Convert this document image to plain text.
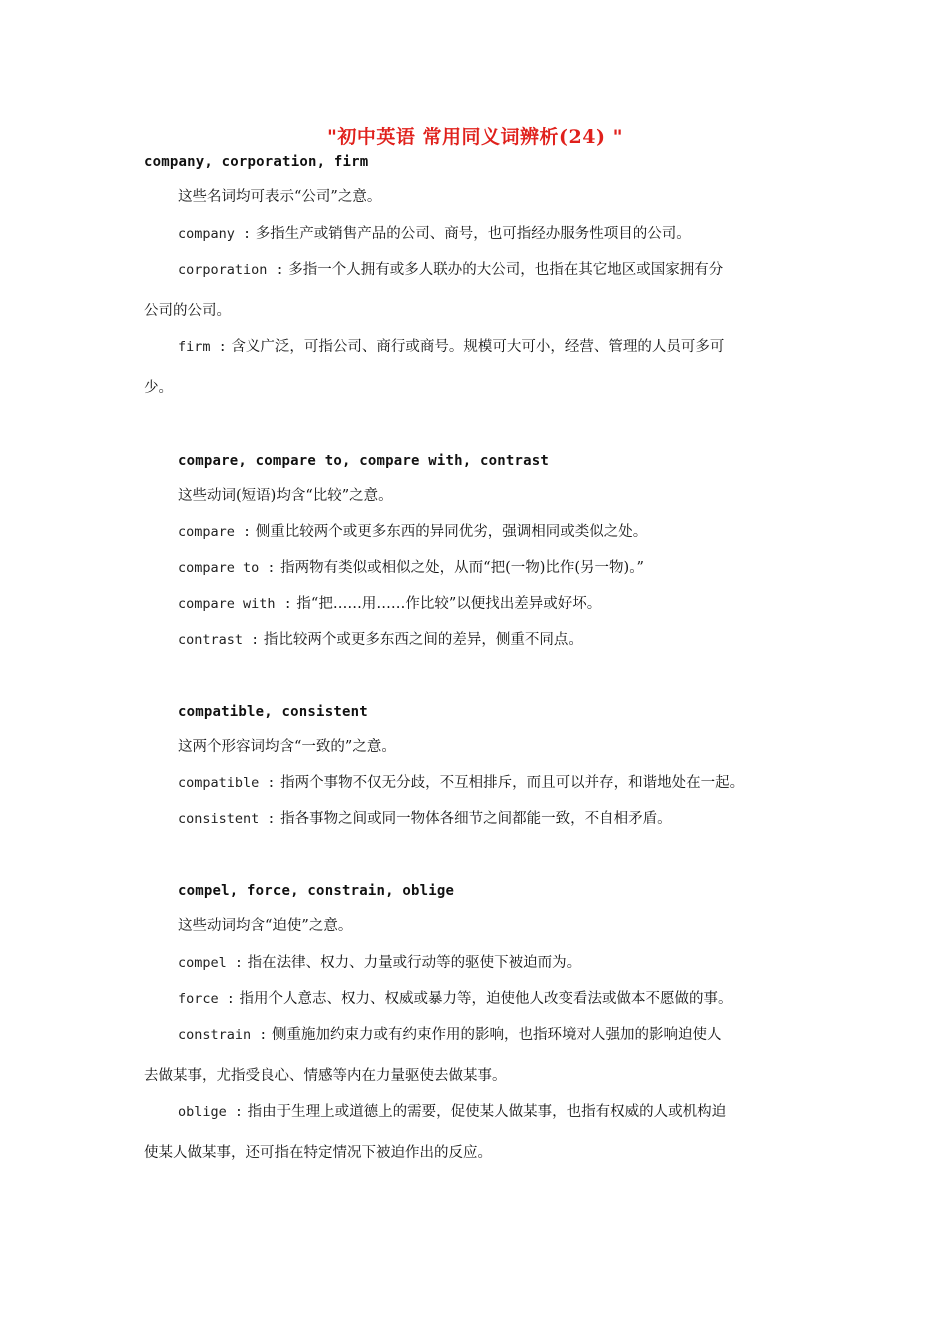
"初中英语 常用同义词辨析(24) "
company, corporation, firm
这些名词均可表示“公司”之意。
company : 多指生产或销售产品的公司、商号，也可指经办服务性项目的公司。
corporation : 多指一个人拥有或多人联办的大公司，也指在其它地区或国家拥有分
公司的公司。
firm : 含义广泛，可指公司、商行或商号。规模可大可小，经营、管理的人员可多可
少。
compare, compare to, compare with, contrast
这些动词(短语)均含“比较”之意。
compare : 侧重比较两个或更多东西的异同优劣，强调相同或类似之处。
compare to : 指两物有类似或相似之处，从而“把(一物)比作(另一物)。”
compare with : 指“把……用……作比较”以便找出差异或好坏。
contrast : 指比较两个或更多东西之间的差异，侧重不同点。
compatible, consistent
这两个形容词均含“一致的”之意。
compatible : 指两个事物不仅无分歧，不互相排斥，而且可以并存，和谐地处在一起。
consistent : 指各事物之间或同一物体各细节之间都能一致，不自相矛盾。
compel, force, constrain, oblige
这些动词均含“迫使”之意。
compel : 指在法律、权力、力量或行动等的驱使下被迫而为。
force : 指用个人意志、权力、权威或暴力等，迫使他人改变看法或做本不愿做的事。
constrain : 侧重施加约束力或有约束作用的影响，也指环境对人强加的影响迫使人
去做某事，尤指受良心、情感等内在力量驱使去做某事。
oblige : 指由于生理上或道德上的需要，促使某人做某事，也指有权威的人或机构迫
使某人做某事，还可指在特定情况下被迫作出的反应。
